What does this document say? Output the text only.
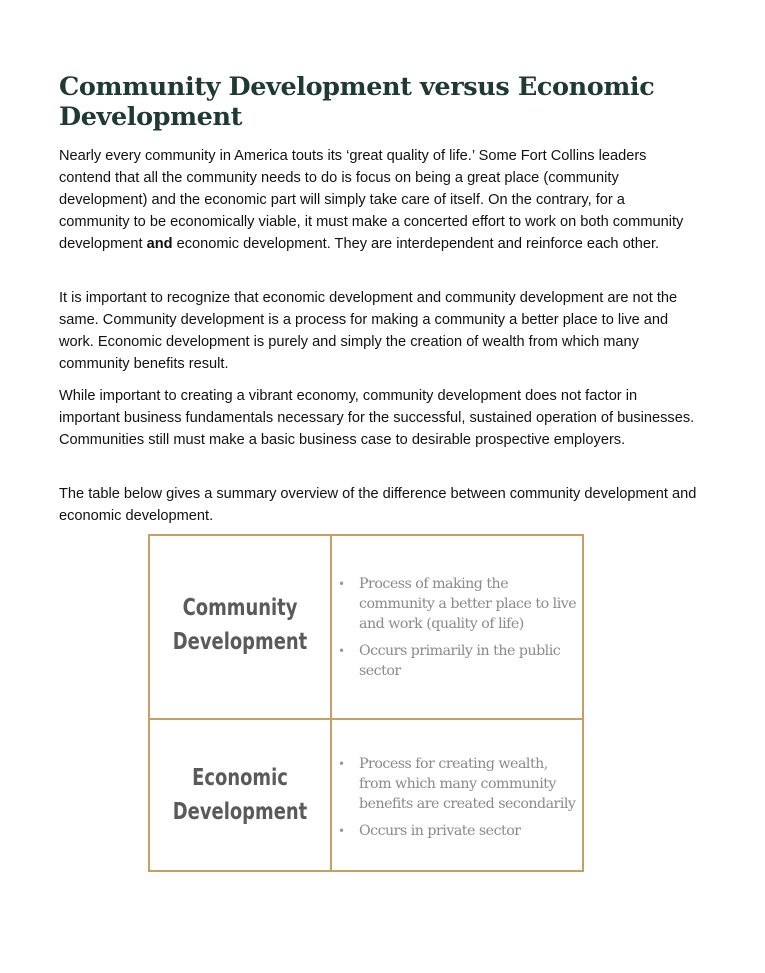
Community Development versus Economic
Development

Nearly every community in America touts its ‘great quality of life.’ Some Fort Collins leaders contend that all the community needs to do is focus on being a great place (community development) and the economic part will simply take care of itself. On the contrary, for a community to be economically viable, it must make a concerted effort to work on both community development and economic development. They are interdependent and reinforce each other.

It is important to recognize that economic development and community development are not the same. Community development is a process for making a community a better place to live and work. Economic development is purely and simply the creation of wealth from which many community benefits result.

While important to creating a vibrant economy, community development does not factor in important business fundamentals necessary for the successful, sustained operation of businesses. Communities still must make a basic business case to desirable prospective employers.

The table below gives a summary overview of the difference between community development and economic development.

Community
Development
• Process of making the community a better place to live and work (quality of life)
• Occurs primarily in the public sector
Economic
Development
• Process for creating wealth, from which many community benefits are created secondarily
• Occurs in private sector
